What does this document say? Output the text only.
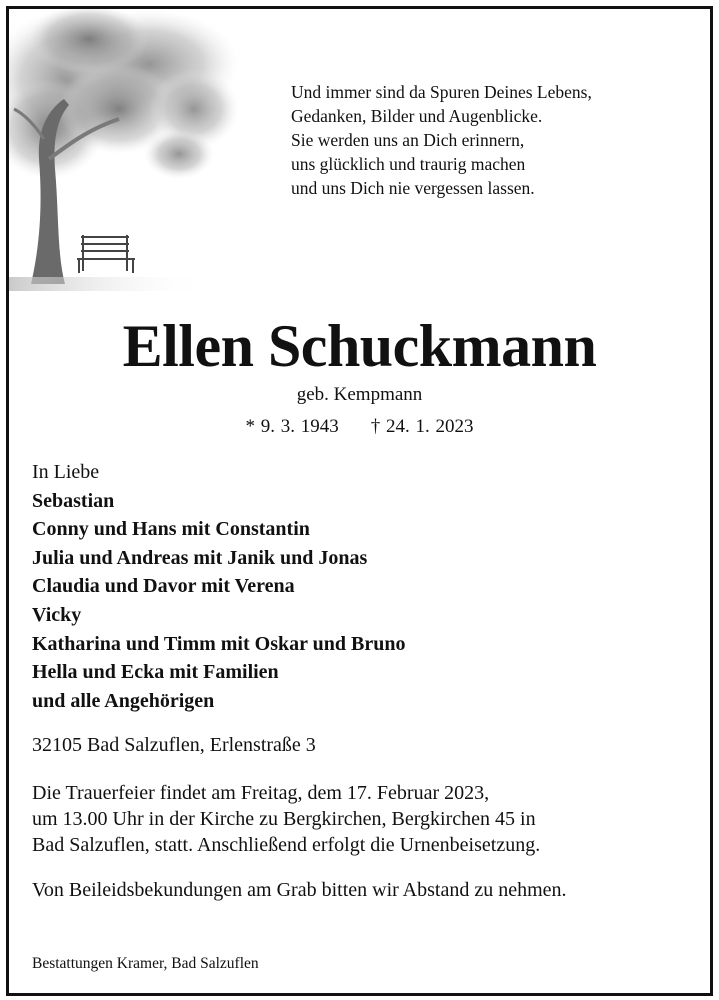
Und immer sind da Spuren Deines Lebens,
Gedanken, Bilder und Augenblicke.
Sie werden uns an Dich erinnern,
uns glücklich und traurig machen
und uns Dich nie vergessen lassen.
Ellen Schuckmann
geb. Kempmann
* 9. 3. 1943 † 24. 1. 2023
In Liebe
Sebastian
Conny und Hans mit Constantin
Julia und Andreas mit Janik und Jonas
Claudia und Davor mit Verena
Vicky
Katharina und Timm mit Oskar und Bruno
Hella und Ecka mit Familien
und alle Angehörigen
32105 Bad Salzuflen, Erlenstraße 3
Die Trauerfeier findet am Freitag, dem 17. Februar 2023,
um 13.00 Uhr in der Kirche zu Bergkirchen, Bergkirchen 45 in
Bad Salzuflen, statt. Anschließend erfolgt die Urnenbeisetzung.
Von Beileidsbekundungen am Grab bitten wir Abstand zu nehmen.
Bestattungen Kramer, Bad Salzuflen
